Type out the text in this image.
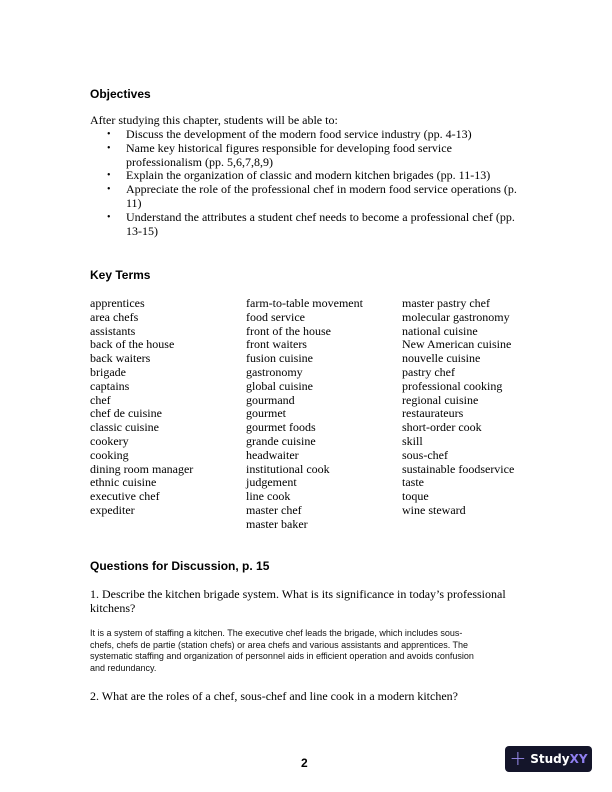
Objectives
After studying this chapter, students will be able to:
• Discuss the development of the modern food service industry (pp. 4-13)
• Name key historical figures responsible for developing food service
professionalism (pp. 5,6,7,8,9)
• Explain the organization of classic and modern kitchen brigades (pp. 11-13)
• Appreciate the role of the professional chef in modern food service operations (p.
11)
• Understand the attributes a student chef needs to become a professional chef (pp.
13-15)
Key Terms
apprentices
area chefs
assistants
back of the house
back waiters
brigade
captains
chef
chef de cuisine
classic cuisine
cookery
cooking
dining room manager
ethnic cuisine
executive chef
expediter
farm-to-table movement
food service
front of the house
front waiters
fusion cuisine
gastronomy
global cuisine
gourmand
gourmet
gourmet foods
grande cuisine
headwaiter
institutional cook
judgement
line cook
master chef
master baker
master pastry chef
molecular gastronomy
national cuisine
New American cuisine
nouvelle cuisine
pastry chef
professional cooking
regional cuisine
restaurateurs
short-order cook
skill
sous-chef
sustainable foodservice
taste
toque
wine steward
Questions for Discussion, p. 15
1. Describe the kitchen brigade system. What is its significance in today’s professional
kitchens?
It is a system of staffing a kitchen. The executive chef leads the brigade, which includes sous-
chefs, chefs de partie (station chefs) or area chefs and various assistants and apprentices. The
systematic staffing and organization of personnel aids in efficient operation and avoids confusion
and redundancy.
2. What are the roles of a chef, sous-chef and line cook in a modern kitchen?
2	+ StudyXY
